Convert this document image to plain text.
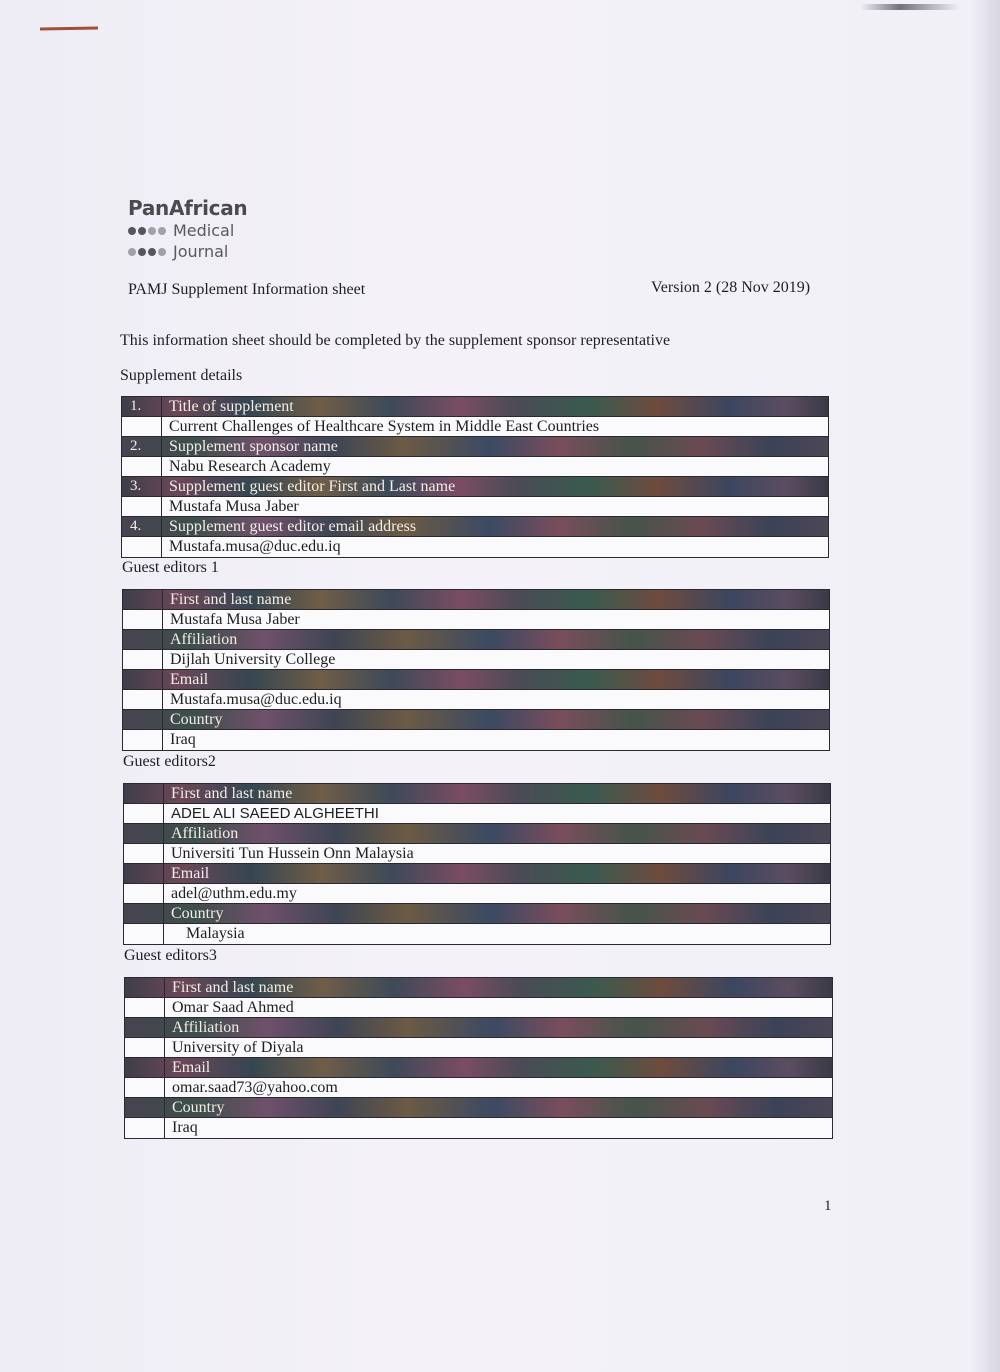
PanAfrican
Medical
Journal
PAMJ Supplement Information sheet	Version 2 (28 Nov 2019)
This information sheet should be completed by the supplement sponsor representative
Supplement details
1.	Title of supplement
Current Challenges of Healthcare System in Middle East Countries
2.	Supplement sponsor name
Nabu Research Academy
3.	Supplement guest editor First and Last name
Mustafa Musa Jaber
4.	Supplement guest editor email address
Mustafa.musa@duc.edu.iq
Guest editors 1
First and last name
Mustafa Musa Jaber
Affiliation
Dijlah University College
Email
Mustafa.musa@duc.edu.iq
Country
Iraq
Guest editors2
First and last name
ADEL ALI SAEED ALGHEETHI
Affiliation
Universiti Tun Hussein Onn Malaysia
Email
adel@uthm.edu.my
Country
Malaysia
Guest editors3
First and last name
Omar Saad Ahmed
Affiliation
University of Diyala
Email
omar.saad73@yahoo.com
Country
Iraq
1
